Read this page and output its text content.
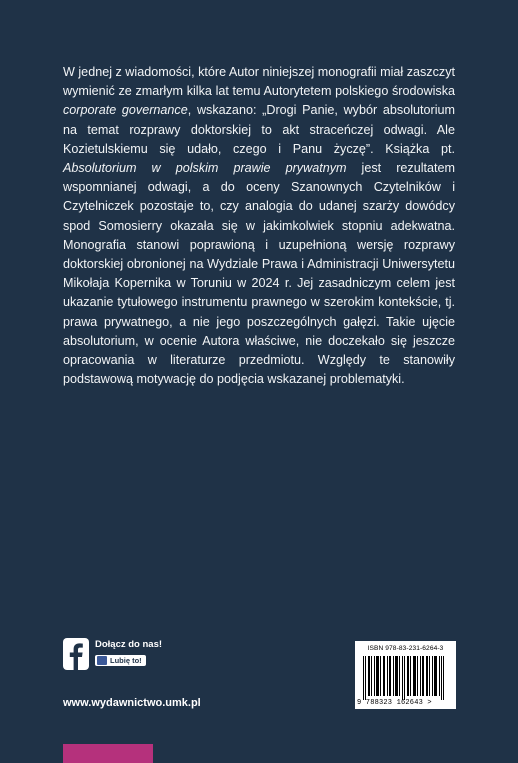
W jednej z wiadomości, które Autor niniejszej monografii miał zaszczyt wymienić ze zmarłym kilka lat temu Autorytetem polskiego środowiska corporate governance, wskazano: „Drogi Panie, wybór absolutorium na temat rozprawy doktorskiej to akt straceńczej odwagi. Ale Kozietulskiemu się udało, czego i Panu życzę”. Książka pt. Absolutorium w polskim prawie prywatnym jest rezultatem wspomnianej odwagi, a do oceny Szanownych Czytelników i Czytelniczek pozostaje to, czy analogia do udanej szarży dowódcy spod Somosierry okazała się w jakimkolwiek stopniu adekwatna. Monografia stanowi poprawioną i uzupełnioną wersję rozprawy doktorskiej obronionej na Wydziale Prawa i Administracji Uniwersytetu Mikołaja Kopernika w Toruniu w 2024 r. Jej zasadniczym celem jest ukazanie tytułowego instrumentu prawnego w szerokim kontekście, tj. prawa prywatnego, a nie jego poszczególnych gałęzi. Takie ujęcie absolutorium, w ocenie Autora właściwe, nie doczekało się jeszcze opracowania w literaturze przedmiotu. Względy te stanowiły podstawową motywację do podjęcia wskazanej problematyki.

Dołącz do nas!
Lubię to!
www.wydawnictwo.umk.pl
ISBN 978-83-231-6264-3
9 788323 162643 >
